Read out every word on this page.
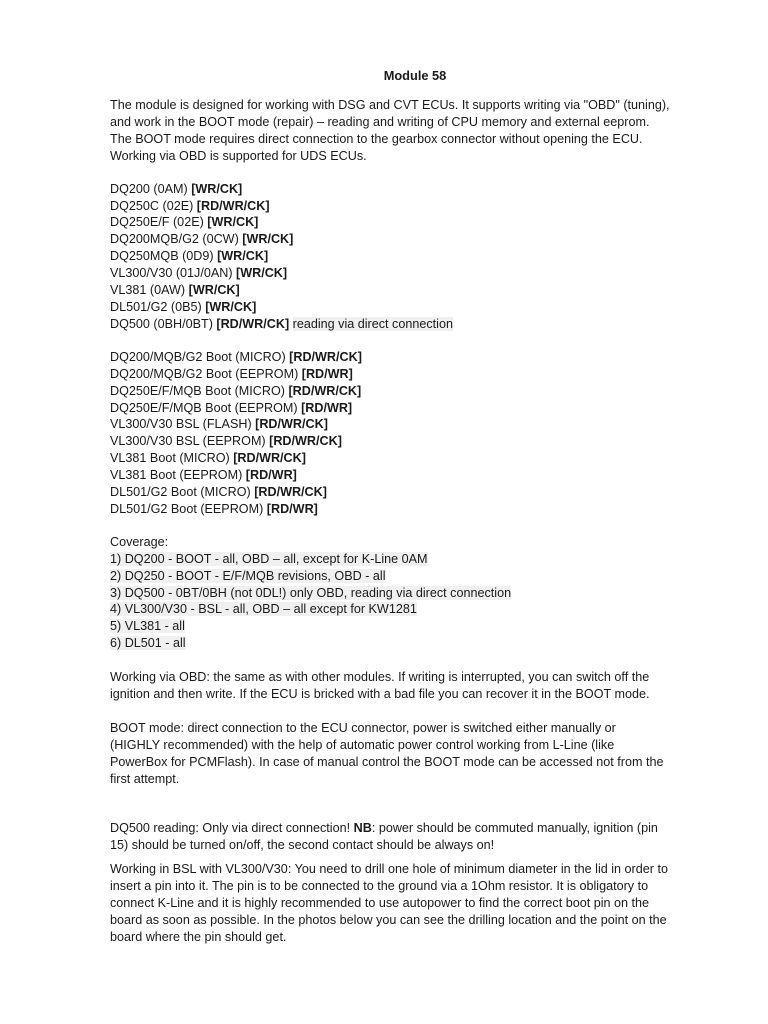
Module 58
The module is designed for working with DSG and CVT ECUs. It supports writing via "OBD" (tuning),
and work in the BOOT mode (repair) – reading and writing of CPU memory and external eeprom.
The BOOT mode requires direct connection to the gearbox connector without opening the ECU.
Working via OBD is supported for UDS ECUs.
DQ200 (0AM) [WR/CK]
DQ250C (02E) [RD/WR/CK]
DQ250E/F (02E) [WR/CK]
DQ200MQB/G2 (0CW) [WR/CK]
DQ250MQB (0D9) [WR/CK]
VL300/V30 (01J/0AN) [WR/CK]
VL381 (0AW) [WR/CK]
DL501/G2 (0B5) [WR/CK]
DQ500 (0BH/0BT) [RD/WR/CK] reading via direct connection
DQ200/MQB/G2 Boot (MICRO) [RD/WR/CK]
DQ200/MQB/G2 Boot (EEPROM) [RD/WR]
DQ250E/F/MQB Boot (MICRO) [RD/WR/CK]
DQ250E/F/MQB Boot (EEPROM) [RD/WR]
VL300/V30 BSL (FLASH) [RD/WR/CK]
VL300/V30 BSL (EEPROM) [RD/WR/CK]
VL381 Boot (MICRO) [RD/WR/CK]
VL381 Boot (EEPROM) [RD/WR]
DL501/G2 Boot (MICRO) [RD/WR/CK]
DL501/G2 Boot (EEPROM) [RD/WR]
Coverage:
1) DQ200 - BOOT - all, OBD – all, except for K-Line 0AM
2) DQ250 - BOOT - E/F/MQB revisions, OBD - all
3) DQ500 - 0BT/0BH (not 0DL!) only OBD, reading via direct connection
4) VL300/V30 - BSL - all, OBD – all except for KW1281
5) VL381 - all
6) DL501 - all
Working via OBD: the same as with other modules. If writing is interrupted, you can switch off the
ignition and then write. If the ECU is bricked with a bad file you can recover it in the BOOT mode.
BOOT mode: direct connection to the ECU connector, power is switched either manually or
(HIGHLY recommended) with the help of automatic power control working from L-Line (like
PowerBox for PCMFlash). In case of manual control the BOOT mode can be accessed not from the
first attempt.
DQ500 reading: Only via direct connection! NB: power should be commuted manually, ignition (pin
15) should be turned on/off, the second contact should be always on!
Working in BSL with VL300/V30: You need to drill one hole of minimum diameter in the lid in order to
insert a pin into it. The pin is to be connected to the ground via a 1Ohm resistor. It is obligatory to
connect K-Line and it is highly recommended to use autopower to find the correct boot pin on the
board as soon as possible. In the photos below you can see the drilling location and the point on the
board where the pin should get.
